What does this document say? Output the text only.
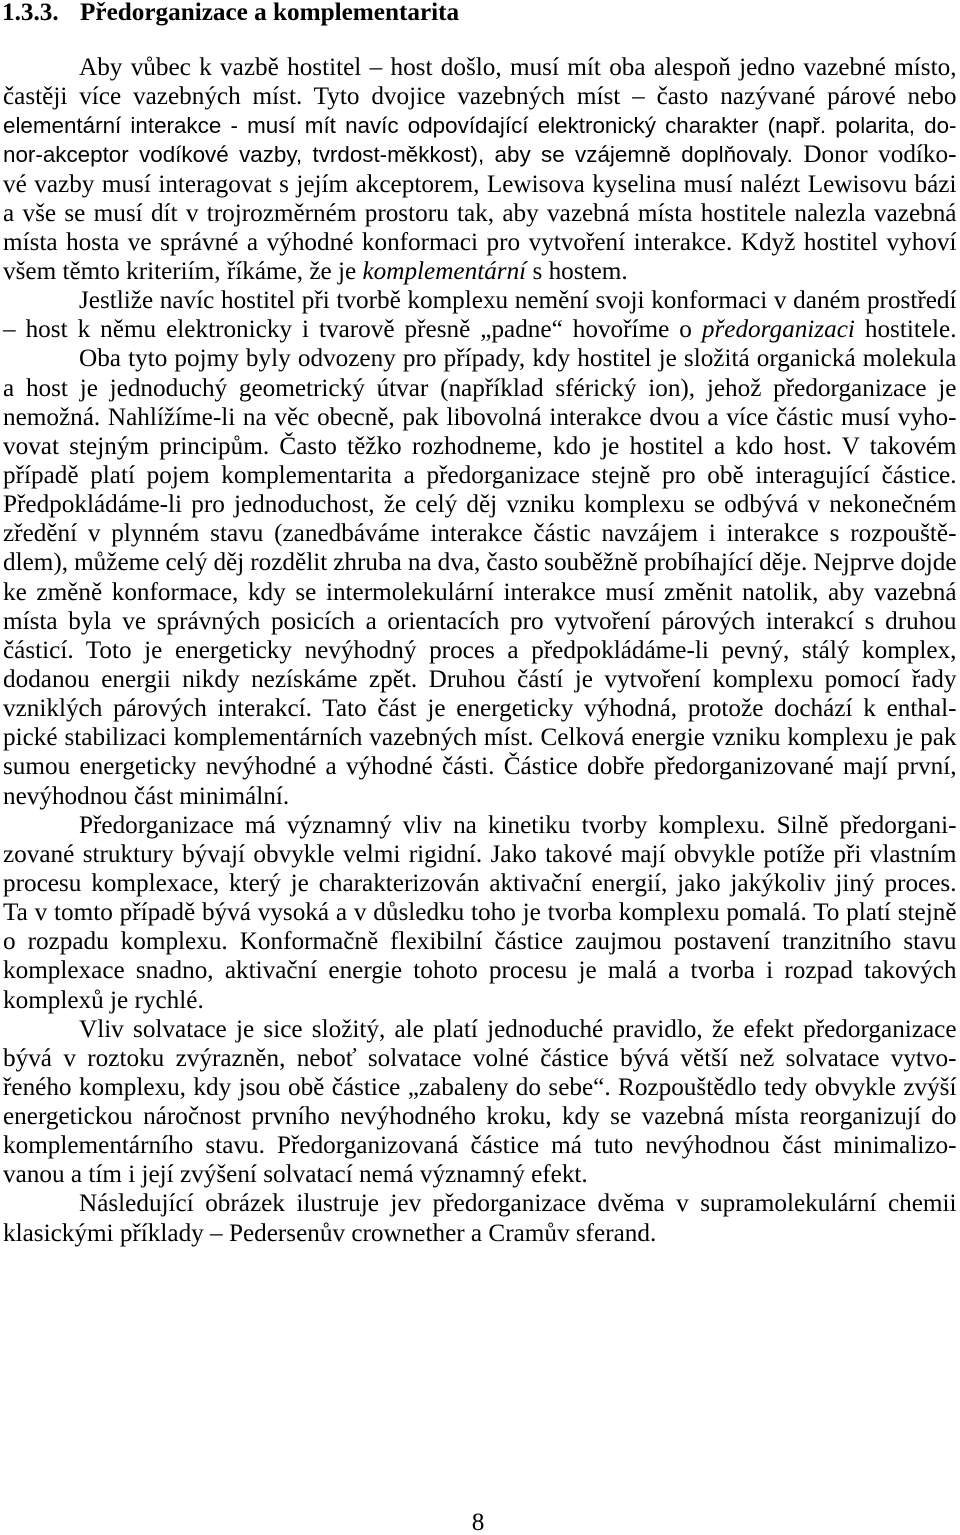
1.3.3. Předorganizace a komplementarita
Aby vůbec k vazbě hostitel – host došlo, musí mít oba alespoň jedno vazebné místo,
častěji více vazebných míst. Tyto dvojice vazebných míst – často nazývané párové nebo
elementární interakce - musí mít navíc odpovídající elektronický charakter (např. polarita, do-
nor-akceptor vodíkové vazby, tvrdost-měkkost), aby se vzájemně doplňovaly. Donor vodíko-
vé vazby musí interagovat s jejím akceptorem, Lewisova kyselina musí nalézt Lewisovu bázi
a vše se musí dít v trojrozměrném prostoru tak, aby vazebná místa hostitele nalezla vazebná
místa hosta ve správné a výhodné konformaci pro vytvoření interakce. Když hostitel vyhoví
všem těmto kriteriím, říkáme, že je komplementární s hostem.
Jestliže navíc hostitel při tvorbě komplexu nemění svoji konformaci v daném prostředí
– host k němu elektronicky i tvarově přesně „padne“ hovoříme o předorganizaci hostitele.
Oba tyto pojmy byly odvozeny pro případy, kdy hostitel je složitá organická molekula
a host je jednoduchý geometrický útvar (například sférický ion), jehož předorganizace je
nemožná. Nahlížíme-li na věc obecně, pak libovolná interakce dvou a více částic musí vyho-
vovat stejným principům. Často těžko rozhodneme, kdo je hostitel a kdo host. V takovém
případě platí pojem komplementarita a předorganizace stejně pro obě interagující částice.
Předpokládáme-li pro jednoduchost, že celý děj vzniku komplexu se odbývá v nekonečném
zředění v plynném stavu (zanedbáváme interakce částic navzájem i interakce s rozpouště-
dlem), můžeme celý děj rozdělit zhruba na dva, často souběžně probíhající děje. Nejprve dojde
ke změně konformace, kdy se intermolekulární interakce musí změnit natolik, aby vazebná
místa byla ve správných posicích a orientacích pro vytvoření párových interakcí s druhou
částicí. Toto je energeticky nevýhodný proces a předpokládáme-li pevný, stálý komplex,
dodanou energii nikdy nezískáme zpět. Druhou částí je vytvoření komplexu pomocí řady
vzniklých párových interakcí. Tato část je energeticky výhodná, protože dochází k enthal-
pické stabilizaci komplementárních vazebných míst. Celková energie vzniku komplexu je pak
sumou energeticky nevýhodné a výhodné části. Částice dobře předorganizované mají první,
nevýhodnou část minimální.
Předorganizace má významný vliv na kinetiku tvorby komplexu. Silně předorgani-
zované struktury bývají obvykle velmi rigidní. Jako takové mají obvykle potíže při vlastním
procesu komplexace, který je charakterizován aktivační energií, jako jakýkoliv jiný proces.
Ta v tomto případě bývá vysoká a v důsledku toho je tvorba komplexu pomalá. To platí stejně
o rozpadu komplexu. Konformačně flexibilní částice zaujmou postavení tranzitního stavu
komplexace snadno, aktivační energie tohoto procesu je malá a tvorba i rozpad takových
komplexů je rychlé.
Vliv solvatace je sice složitý, ale platí jednoduché pravidlo, že efekt předorganizace
bývá v roztoku zvýrazněn, neboť solvatace volné částice bývá větší než solvatace vytvo-
řeného komplexu, kdy jsou obě částice „zabaleny do sebe“. Rozpouštědlo tedy obvykle zvýší
energetickou náročnost prvního nevýhodného kroku, kdy se vazebná místa reorganizují do
komplementárního stavu. Předorganizovaná částice má tuto nevýhodnou část minimalizo-
vanou a tím i její zvýšení solvatací nemá významný efekt.
Následující obrázek ilustruje jev předorganizace dvěma v supramolekulární chemii
klasickými příklady – Pedersenův crownether a Cramův sferand.
8
